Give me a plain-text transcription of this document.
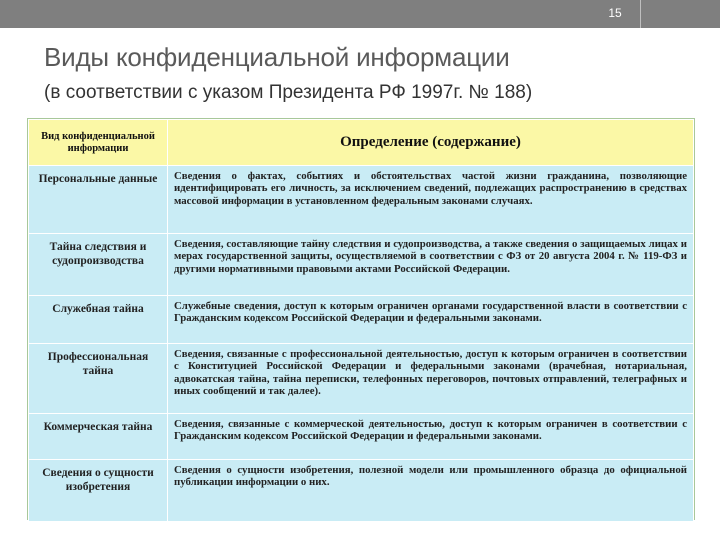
15
Виды конфиденциальной информации

(в соответствии с указом Президента РФ 1997г. № 188)

Вид конфиденциальной информации	Определение (содержание)
Персональные данные	Сведения о фактах, событиях и обстоятельствах частой жизни гражданина, позволяющие идентифицировать его личность, за исключением сведений, подлежащих распространению в средствах массовой информации в установленном федеральным законами случаях.
Тайна следствия и судопроизводства	Сведения, составляющие тайну следствия и судопроизводства, а также сведения о защищаемых лицах и мерах государственной защиты, осуществляемой в соответствии с ФЗ от 20 августа 2004 г. № 119-ФЗ и другими нормативными правовыми актами Российской Федерации.
Служебная тайна	Служебные сведения, доступ к которым ограничен органами государственной власти в соответствии с Гражданским кодексом Российской Федерации и федеральными законами.
Профессиональная тайна	Сведения, связанные с профессиональной деятельностью, доступ к которым ограничен в соответствии с Конституцией Российской Федерации и федеральными законами (врачебная, нотариальная, адвокатская тайна, тайна переписки, телефонных переговоров, почтовых отправлений, телеграфных и иных сообщений и так далее).
Коммерческая тайна	Сведения, связанные с коммерческой деятельностью, доступ к которым ограничен в соответствии с Гражданским кодексом Российской Федерации и федеральными законами.
Сведения о сущности изобретения	Сведения о сущности изобретения, полезной модели или промышленного образца до официальной публикации информации о них.
